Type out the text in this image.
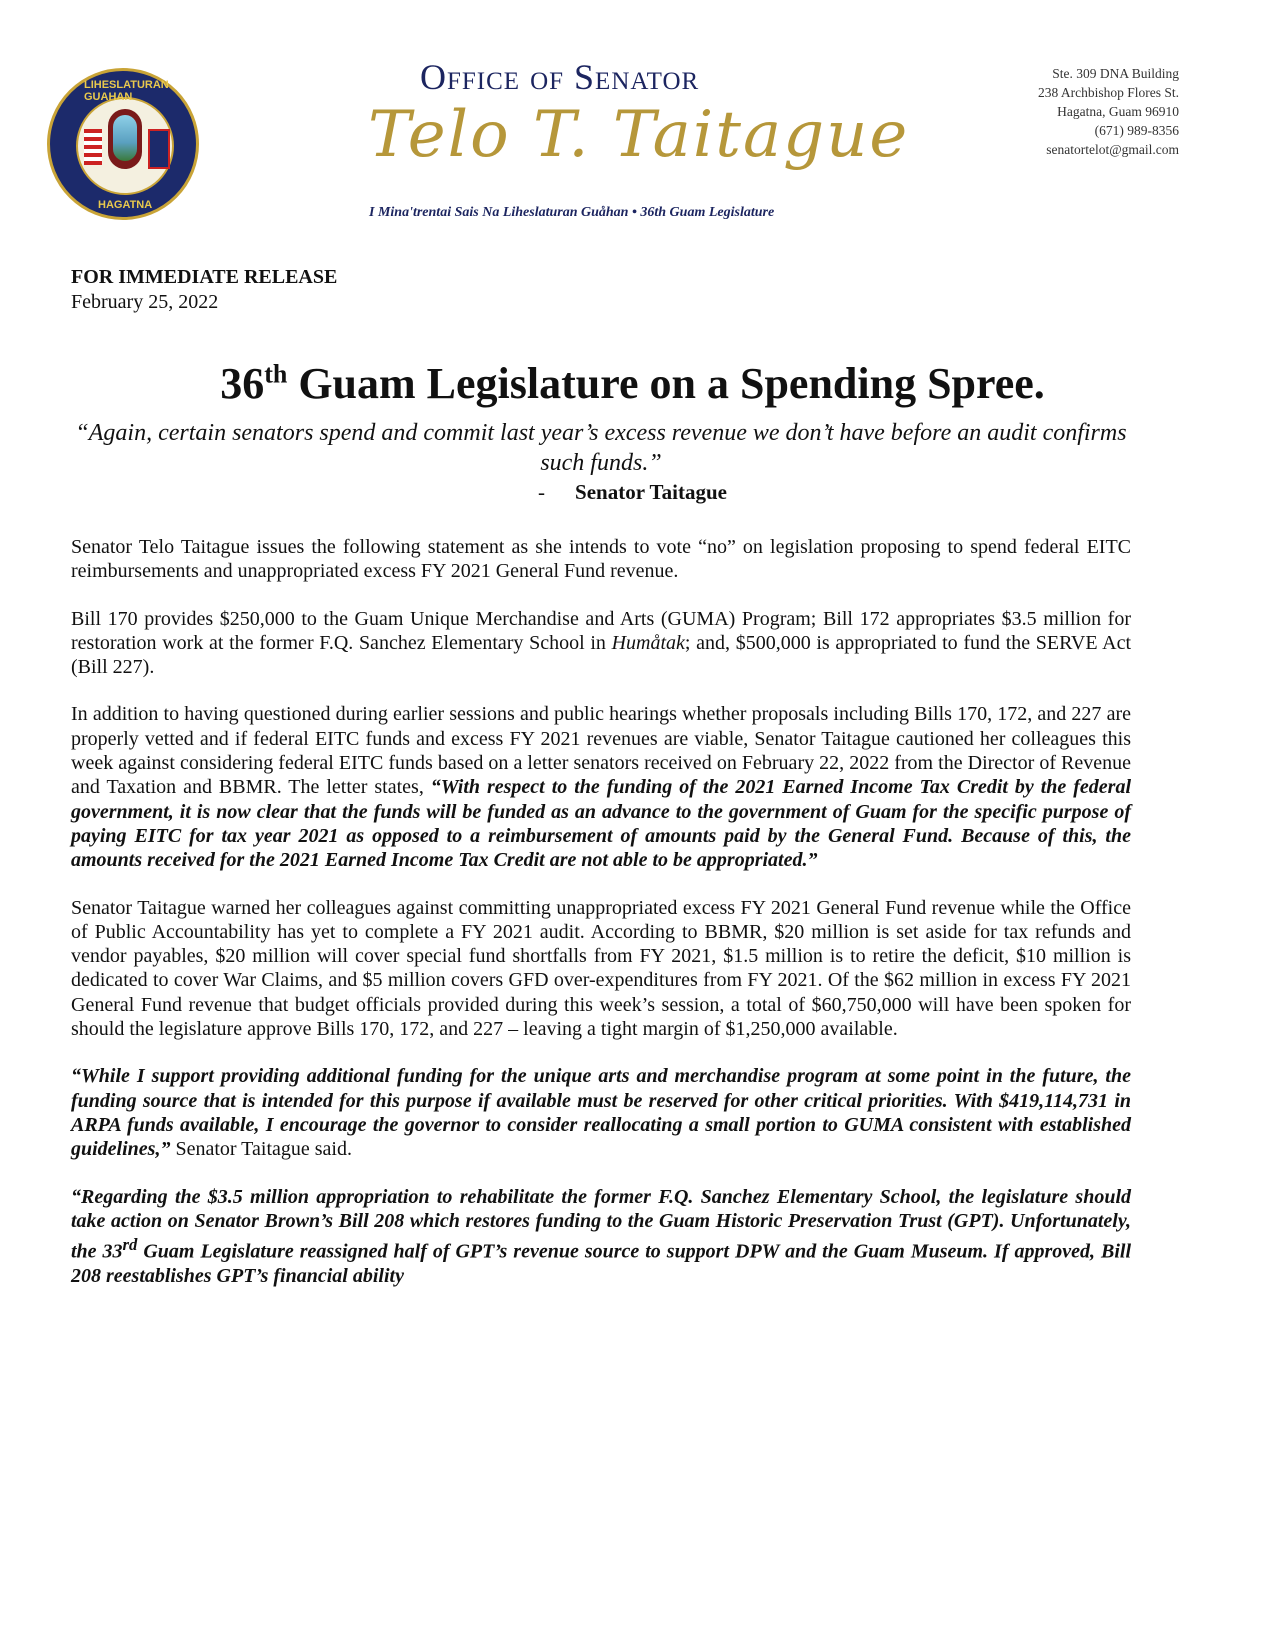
LIHESLATURAN GUAHAN
HAGATNA
Office of Senator
Telo T. Taitague
I Mina'trentai Sais Na Liheslaturan Guåhan • 36th Guam Legislature
Ste. 309 DNA Building
238 Archbishop Flores St.
Hagatna, Guam 96910
(671) 989-8356
senatortelot@gmail.com
FOR IMMEDIATE RELEASE
February 25, 2022
36th Guam Legislature on a Spending Spree.
“Again, certain senators spend and commit last year’s excess revenue we don’t have before an audit confirms such funds.”
- Senator Taitague

Senator Telo Taitague issues the following statement as she intends to vote “no” on legislation proposing to spend federal EITC reimbursements and unappropriated excess FY 2021 General Fund revenue.

Bill 170 provides $250,000 to the Guam Unique Merchandise and Arts (GUMA) Program; Bill 172 appropriates $3.5 million for restoration work at the former F.Q. Sanchez Elementary School in Humåtak; and, $500,000 is appropriated to fund the SERVE Act (Bill 227).

In addition to having questioned during earlier sessions and public hearings whether proposals including Bills 170, 172, and 227 are properly vetted and if federal EITC funds and excess FY 2021 revenues are viable, Senator Taitague cautioned her colleagues this week against considering federal EITC funds based on a letter senators received on February 22, 2022 from the Director of Revenue and Taxation and BBMR. The letter states, “With respect to the funding of the 2021 Earned Income Tax Credit by the federal government, it is now clear that the funds will be funded as an advance to the government of Guam for the specific purpose of paying EITC for tax year 2021 as opposed to a reimbursement of amounts paid by the General Fund. Because of this, the amounts received for the 2021 Earned Income Tax Credit are not able to be appropriated.”

Senator Taitague warned her colleagues against committing unappropriated excess FY 2021 General Fund revenue while the Office of Public Accountability has yet to complete a FY 2021 audit. According to BBMR, $20 million is set aside for tax refunds and vendor payables, $20 million will cover special fund shortfalls from FY 2021, $1.5 million is to retire the deficit, $10 million is dedicated to cover War Claims, and $5 million covers GFD over-expenditures from FY 2021. Of the $62 million in excess FY 2021 General Fund revenue that budget officials provided during this week’s session, a total of $60,750,000 will have been spoken for should the legislature approve Bills 170, 172, and 227 – leaving a tight margin of $1,250,000 available.

“While I support providing additional funding for the unique arts and merchandise program at some point in the future, the funding source that is intended for this purpose if available must be reserved for other critical priorities. With $419,114,731 in ARPA funds available, I encourage the governor to consider reallocating a small portion to GUMA consistent with established guidelines,” Senator Taitague said.

“Regarding the $3.5 million appropriation to rehabilitate the former F.Q. Sanchez Elementary School, the legislature should take action on Senator Brown’s Bill 208 which restores funding to the Guam Historic Preservation Trust (GPT). Unfortunately, the 33rd Guam Legislature reassigned half of GPT’s revenue source to support DPW and the Guam Museum. If approved, Bill 208 reestablishes GPT’s financial ability
